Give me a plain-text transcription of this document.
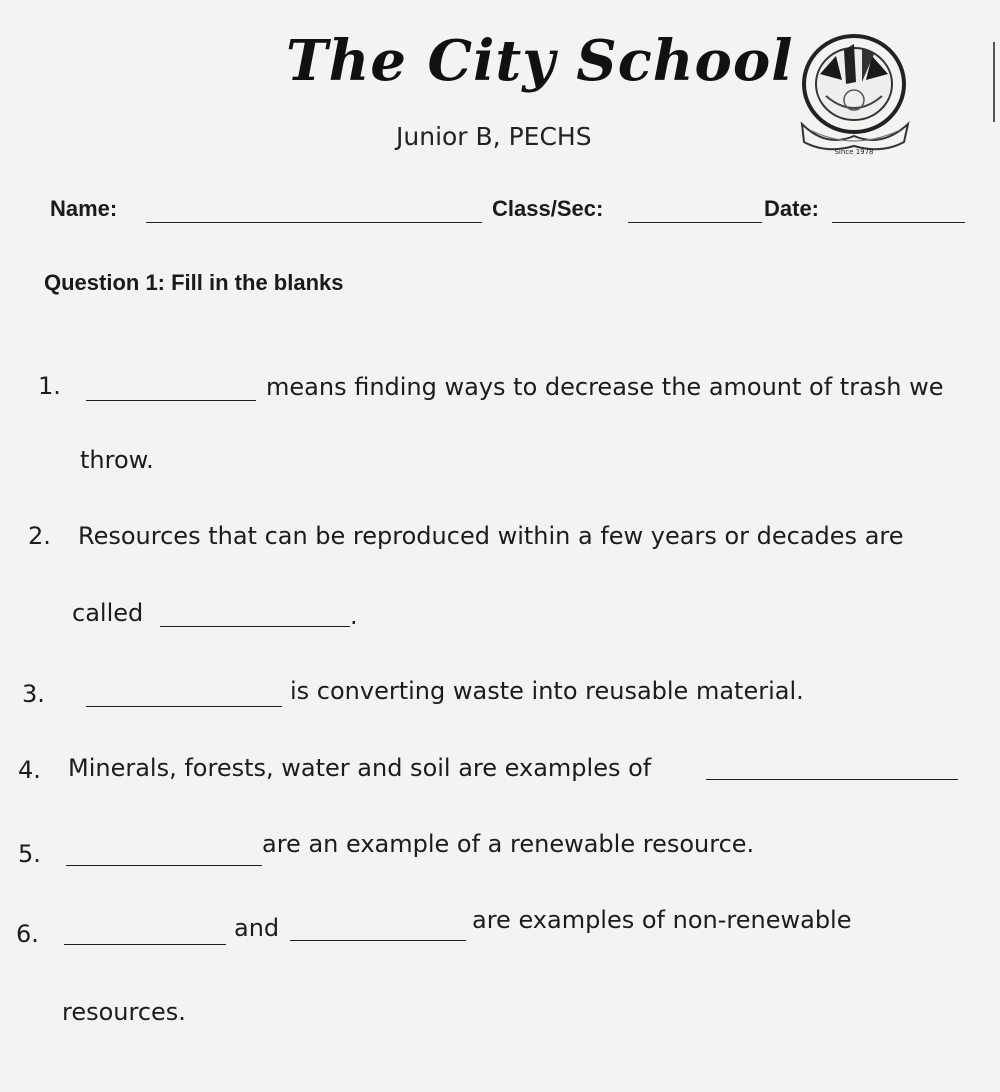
The City School
Junior B, PECHS
Since 1978
Name:	Class/Sec:	Date:
Question 1: Fill in the blanks
1.	means finding ways to decrease the amount of trash we
throw.
2. Resources that can be reproduced within a few years or decades are
called	.
3.	is converting waste into reusable material.
4. Minerals, forests, water and soil are examples of
5.	are an example of a renewable resource.
6.	and	are examples of non-renewable
resources.
